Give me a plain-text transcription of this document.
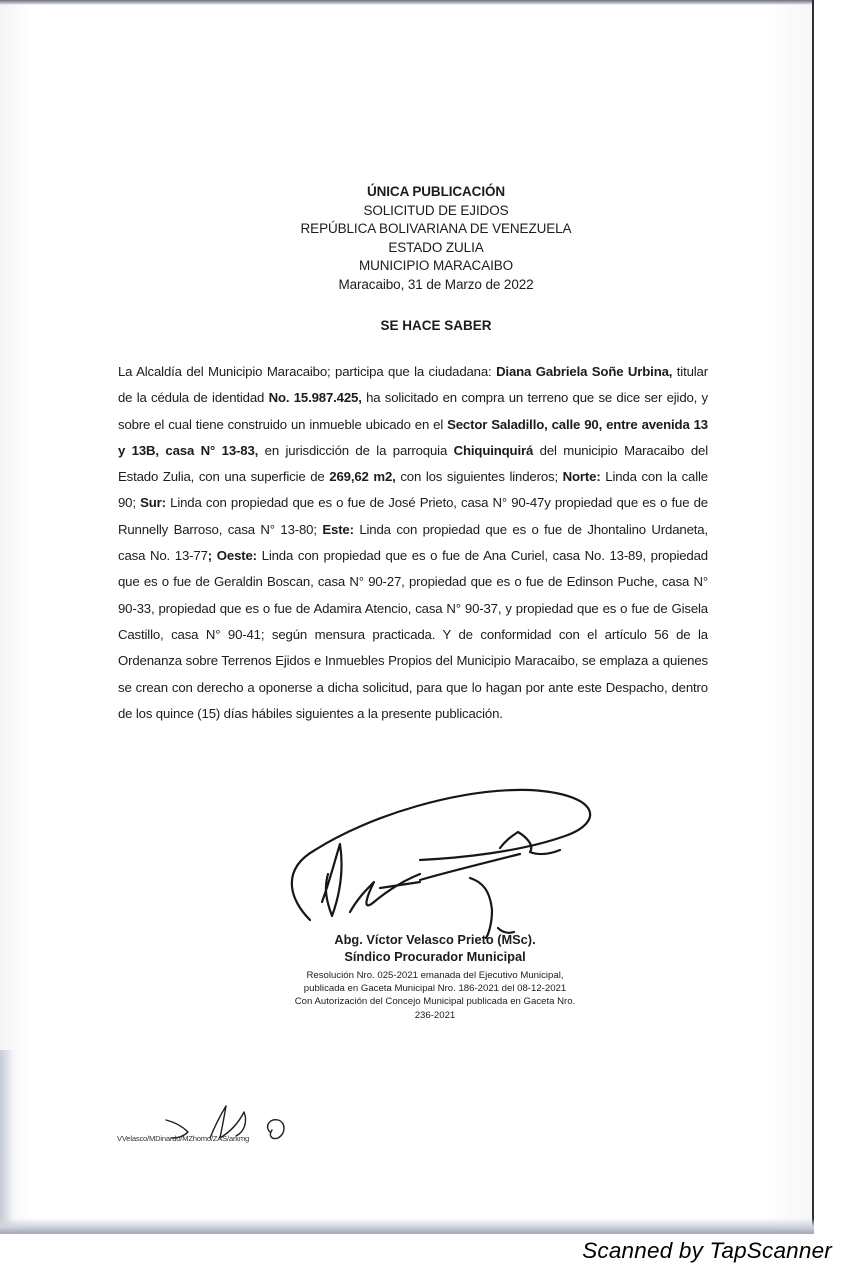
ÚNICA PUBLICACIÓN
SOLICITUD DE EJIDOS
REPÚBLICA BOLIVARIANA DE VENEZUELA
ESTADO ZULIA
MUNICIPIO MARACAIBO
Maracaibo, 31 de Marzo de 2022
SE HACE SABER

La Alcaldía del Municipio Maracaibo; participa que la ciudadana: Diana Gabriela Soñe Urbina, titular de la cédula de identidad No. 15.987.425, ha solicitado en compra un terreno que se dice ser ejido, y sobre el cual tiene construido un inmueble ubicado en el Sector Saladillo, calle 90, entre avenida 13 y 13B, casa N° 13-83, en jurisdicción de la parroquia Chiquinquirá del municipio Maracaibo del Estado Zulia, con una superficie de 269,62 m2, con los siguientes linderos; Norte: Linda con la calle 90; Sur: Linda con propiedad que es o fue de José Prieto, casa N° 90-47y propiedad que es o fue de Runnelly Barroso, casa N° 13-80; Este: Linda con propiedad que es o fue de Jhontalino Urdaneta, casa No. 13-77; Oeste: Linda con propiedad que es o fue de Ana Curiel, casa No. 13-89, propiedad que es o fue de Geraldin Boscan, casa N° 90-27, propiedad que es o fue de Edinson Puche, casa N° 90-33, propiedad que es o fue de Adamira Atencio, casa N° 90-37, y propiedad que es o fue de Gisela Castillo, casa N° 90-41; según mensura practicada. Y de conformidad con el artículo 56 de la Ordenanza sobre Terrenos Ejidos e Inmuebles Propios del Municipio Maracaibo, se emplaza a quienes se crean con derecho a oponerse a dicha solicitud, para que lo hagan por ante este Despacho, dentro de los quince (15) días hábiles siguientes a la presente publicación.

Abg. Víctor Velasco Prieto (MSc).
Síndico Procurador Municipal
Resolución Nro. 025-2021 emanada del Ejecutivo Municipal,
publicada en Gaceta Municipal Nro. 186-2021 del 08-12-2021
Con Autorización del Concejo Municipal publicada en Gaceta Nro.
236-2021
VVelasco/MDinardo/MZhomo/ZAS/arkmg
Scanned by TapScanner
